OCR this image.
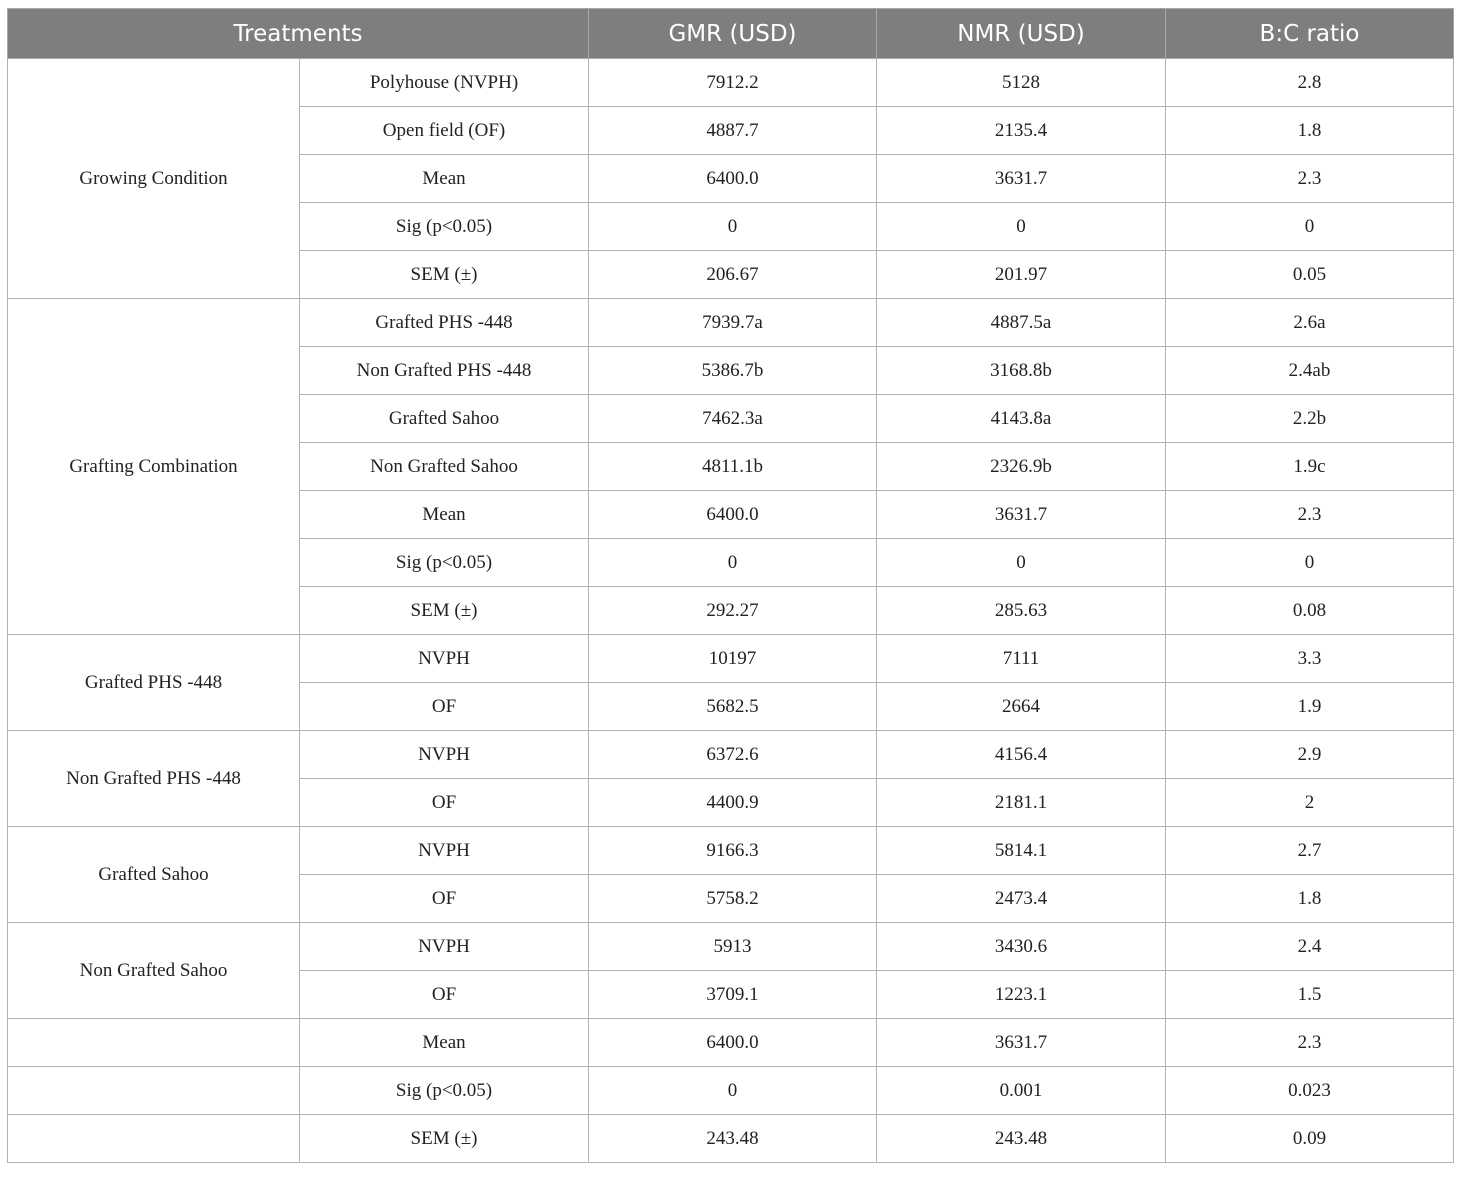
Treatments		GMR (USD)	NMR (USD)	B:C ratio
Growing Condition	Polyhouse (NVPH)	7912.2	5128	2.8
	Open field (OF)	4887.7	2135.4	1.8
	Mean	6400.0	3631.7	2.3
	Sig (p<0.05)	0	0	0
	SEM (±)	206.67	201.97	0.05
Grafting Combination	Grafted PHS -448	7939.7a	4887.5a	2.6a
	Non Grafted PHS -448	5386.7b	3168.8b	2.4ab
	Grafted Sahoo	7462.3a	4143.8a	2.2b
	Non Grafted Sahoo	4811.1b	2326.9b	1.9c
	Mean	6400.0	3631.7	2.3
	Sig (p<0.05)	0	0	0
	SEM (±)	292.27	285.63	0.08
Grafted PHS -448	NVPH	10197	7111	3.3
	OF	5682.5	2664	1.9
Non Grafted PHS -448	NVPH	6372.6	4156.4	2.9
	OF	4400.9	2181.1	2
Grafted Sahoo	NVPH	9166.3	5814.1	2.7
	OF	5758.2	2473.4	1.8
Non Grafted Sahoo	NVPH	5913	3430.6	2.4
	OF	3709.1	1223.1	1.5
	Mean	6400.0	3631.7	2.3
	Sig (p<0.05)	0	0.001	0.023
	SEM (±)	243.48	243.48	0.09
